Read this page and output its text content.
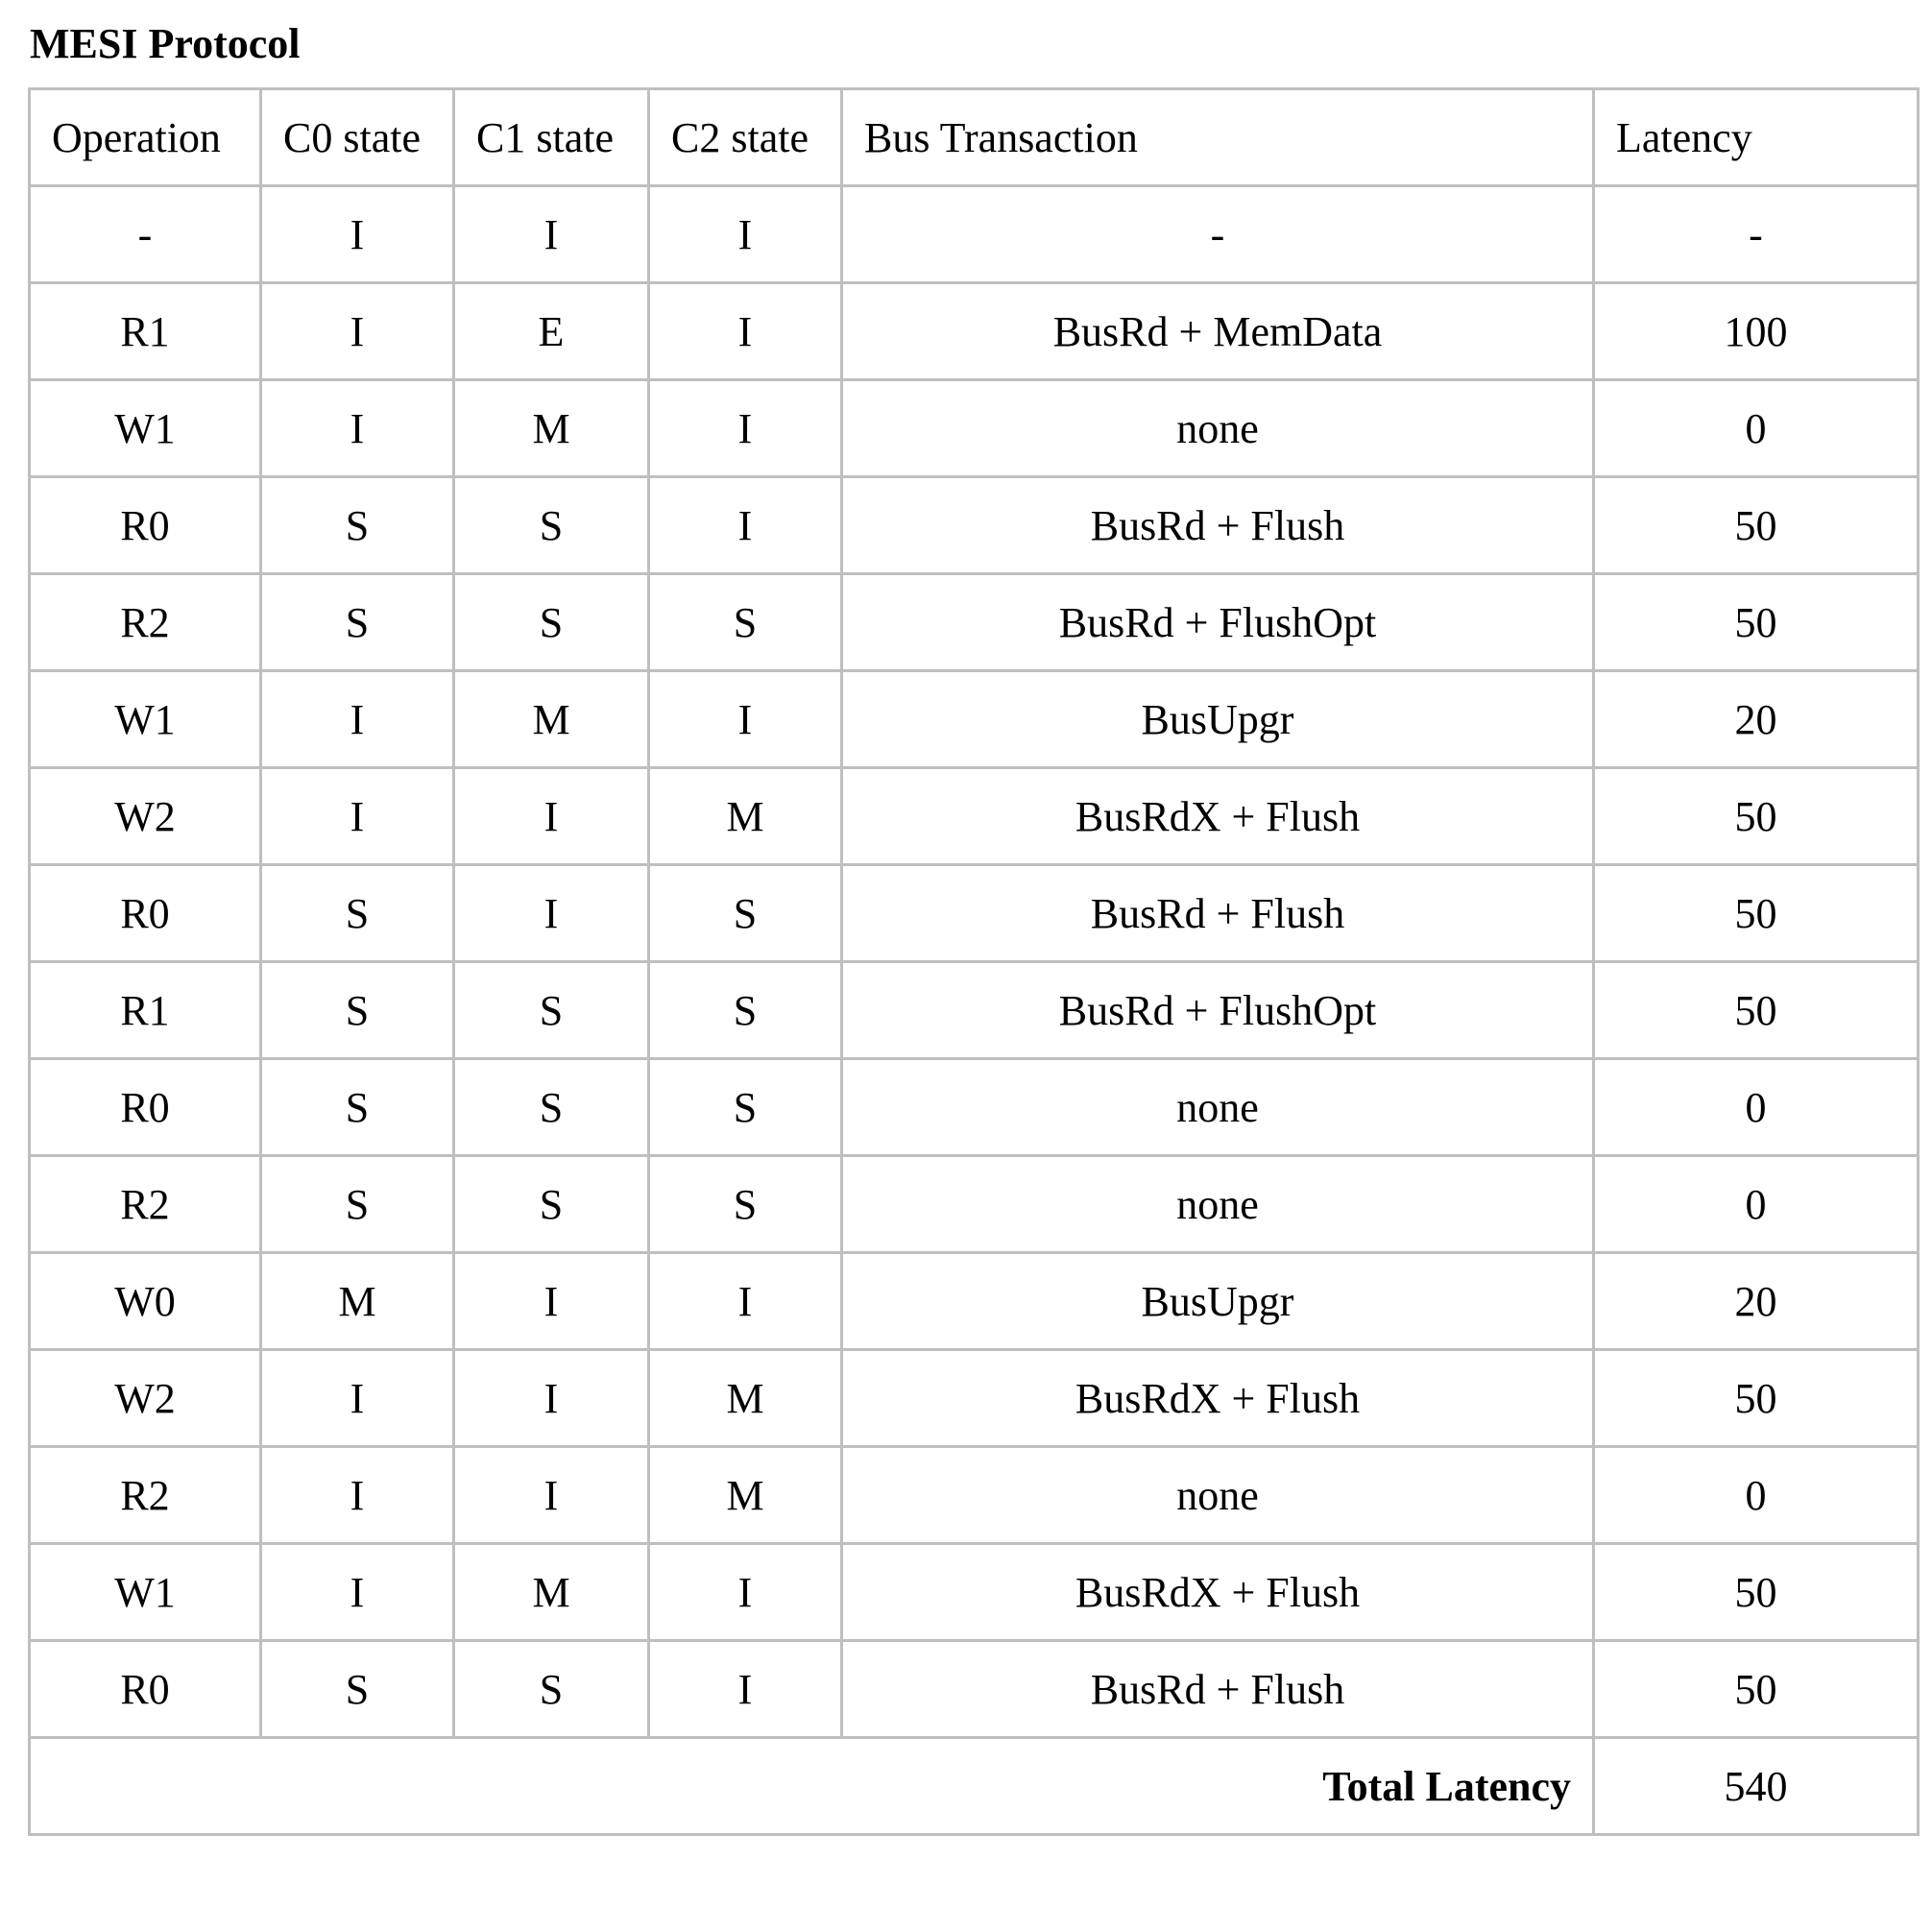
MESI Protocol
Operation	C0 state	C1 state	C2 state	Bus Transaction	Latency
-	I	I	I	-	-
R1	I	E	I	BusRd + MemData	100
W1	I	M	I	none	0
R0	S	S	I	BusRd + Flush	50
R2	S	S	S	BusRd + FlushOpt	50
W1	I	M	I	BusUpgr	20
W2	I	I	M	BusRdX + Flush	50
R0	S	I	S	BusRd + Flush	50
R1	S	S	S	BusRd + FlushOpt	50
R0	S	S	S	none	0
R2	S	S	S	none	0
W0	M	I	I	BusUpgr	20
W2	I	I	M	BusRdX + Flush	50
R2	I	I	M	none	0
W1	I	M	I	BusRdX + Flush	50
R0	S	S	I	BusRd + Flush	50
Total Latency					540
